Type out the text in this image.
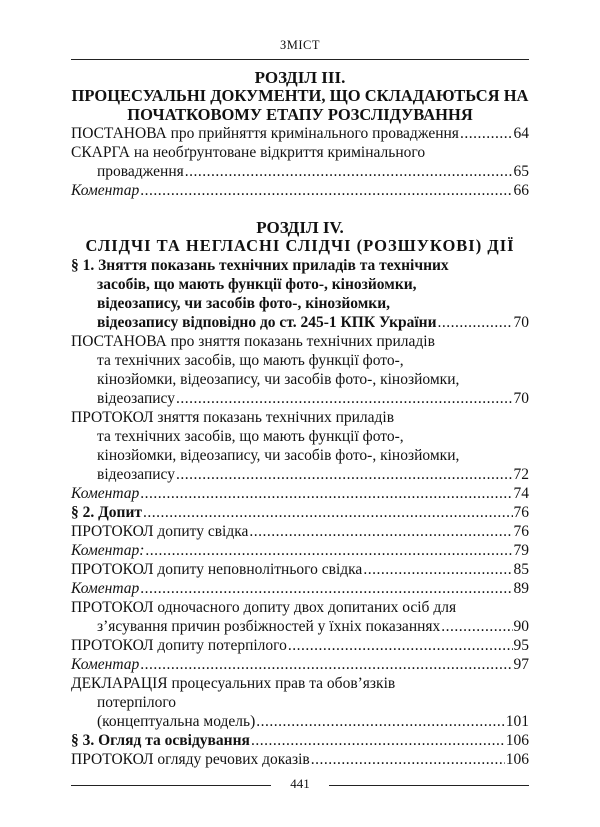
ЗМІСТ
РОЗДІЛ ІІІ.
ПРОЦЕСУАЛЬНІ ДОКУМЕНТИ, ЩО СКЛАДАЮТЬСЯ НА
ПОЧАТКОВОМУ ЕТАПУ РОЗСЛІДУВАННЯ
ПОСТАНОВА про прийняття кримінального провадження .....	64
СКАРГА на необґрунтоване відкриття кримінального
провадження .....	65
Коментар .....	66
РОЗДІЛ IV.
СЛІДЧІ ТА НЕГЛАСНІ СЛІДЧІ (РОЗШУКОВІ) ДІЇ
§ 1. Зняття показань технічних приладів та технічних
засобів, що мають функції фото-, кінозйомки,
відеозапису, чи засобів фото-, кінозйомки,
відеозапису відповідно до ст. 245-1 КПК України .....	70
ПОСТАНОВА про зняття показань технічних приладів
та технічних засобів, що мають функції фото-,
кінозйомки, відеозапису, чи засобів фото-, кінозйомки,
відеозапису .....	70
ПРОТОКОЛ зняття показань технічних приладів
та технічних засобів, що мають функції фото-,
кінозйомки, відеозапису, чи засобів фото-, кінозйомки,
відеозапису .....	72
Коментар .....	74
§ 2. Допит .....	76
ПРОТОКОЛ допиту свідка .....	76
Коментар: .....	79
ПРОТОКОЛ допиту неповнолітнього свідка .....	85
Коментар .....	89
ПРОТОКОЛ одночасного допиту двох допитаних осіб для
з’ясування причин розбіжностей у їхніх показаннях .....	90
ПРОТОКОЛ допиту потерпілого .....	95
Коментар .....	97
ДЕКЛАРАЦІЯ процесуальних прав та обов’язків
потерпілого
(концептуальна модель) .....	101
§ 3. Огляд та освідування .....	106
ПРОТОКОЛ огляду речових доказів .....	106
441
